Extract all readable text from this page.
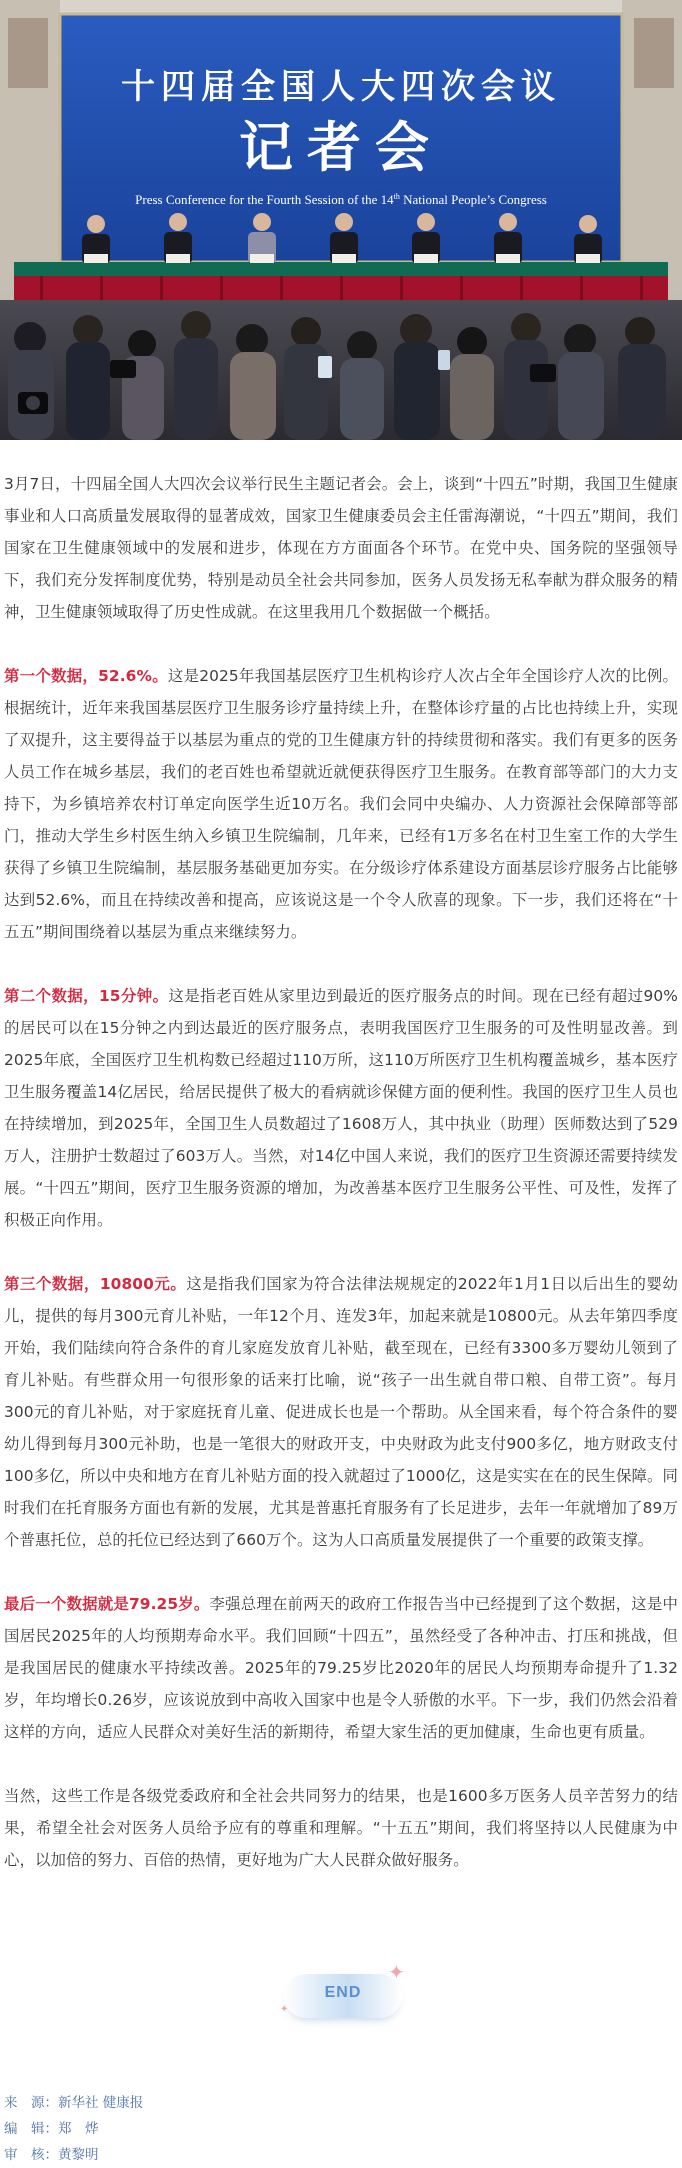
十四届全国人大四次会议
记者会
Press Conference for the Fourth Session of the 14th National People’s Congress

3月7日，十四届全国人大四次会议举行民生主题记者会。会上，谈到“十四五”时期，我国卫生健康事业和人口高质量发展取得的显著成效，国家卫生健康委员会主任雷海潮说，“十四五”期间，我们国家在卫生健康领域中的发展和进步，体现在方方面面各个环节。在党中央、国务院的坚强领导下，我们充分发挥制度优势，特别是动员全社会共同参加，医务人员发扬无私奉献为群众服务的精神，卫生健康领域取得了历史性成就。在这里我用几个数据做一个概括。

第一个数据，52.6%。这是2025年我国基层医疗卫生机构诊疗人次占全年全国诊疗人次的比例。根据统计，近年来我国基层医疗卫生服务诊疗量持续上升，在整体诊疗量的占比也持续上升，实现了双提升，这主要得益于以基层为重点的党的卫生健康方针的持续贯彻和落实。我们有更多的医务人员工作在城乡基层，我们的老百姓也希望就近就便获得医疗卫生服务。在教育部等部门的大力支持下，为乡镇培养农村订单定向医学生近10万名。我们会同中央编办、人力资源社会保障部等部门，推动大学生乡村医生纳入乡镇卫生院编制，几年来，已经有1万多名在村卫生室工作的大学生获得了乡镇卫生院编制，基层服务基础更加夯实。在分级诊疗体系建设方面基层诊疗服务占比能够达到52.6%，而且在持续改善和提高，应该说这是一个令人欣喜的现象。下一步，我们还将在“十五五”期间围绕着以基层为重点来继续努力。

第二个数据，15分钟。这是指老百姓从家里边到最近的医疗服务点的时间。现在已经有超过90%的居民可以在15分钟之内到达最近的医疗服务点，表明我国医疗卫生服务的可及性明显改善。到2025年底，全国医疗卫生机构数已经超过110万所，这110万所医疗卫生机构覆盖城乡，基本医疗卫生服务覆盖14亿居民，给居民提供了极大的看病就诊保健方面的便利性。我国的医疗卫生人员也在持续增加，到2025年，全国卫生人员数超过了1608万人，其中执业（助理）医师数达到了529万人，注册护士数超过了603万人。当然，对14亿中国人来说，我们的医疗卫生资源还需要持续发展。“十四五”期间，医疗卫生服务资源的增加，为改善基本医疗卫生服务公平性、可及性，发挥了积极正向作用。

第三个数据，10800元。这是指我们国家为符合法律法规规定的2022年1月1日以后出生的婴幼儿，提供的每月300元育儿补贴，一年12个月、连发3年，加起来就是10800元。从去年第四季度开始，我们陆续向符合条件的育儿家庭发放育儿补贴，截至现在，已经有3300多万婴幼儿领到了育儿补贴。有些群众用一句很形象的话来打比喻，说“孩子一出生就自带口粮、自带工资”。每月300元的育儿补贴，对于家庭抚育儿童、促进成长也是一个帮助。从全国来看，每个符合条件的婴幼儿得到每月300元补助，也是一笔很大的财政开支，中央财政为此支付900多亿，地方财政支付100多亿，所以中央和地方在育儿补贴方面的投入就超过了1000亿，这是实实在在的民生保障。同时我们在托育服务方面也有新的发展，尤其是普惠托育服务有了长足进步，去年一年就增加了89万个普惠托位，总的托位已经达到了660万个。这为人口高质量发展提供了一个重要的政策支撑。

最后一个数据就是79.25岁。李强总理在前两天的政府工作报告当中已经提到了这个数据，这是中国居民2025年的人均预期寿命水平。我们回顾“十四五”，虽然经受了各种冲击、打压和挑战，但是我国居民的健康水平持续改善。2025年的79.25岁比2020年的居民人均预期寿命提升了1.32岁，年均增长0.26岁，应该说放到中高收入国家中也是令人骄傲的水平。下一步，我们仍然会沿着这样的方向，适应人民群众对美好生活的新期待，希望大家生活的更加健康，生命也更有质量。

当然，这些工作是各级党委政府和全社会共同努力的结果，也是1600多万医务人员辛苦努力的结果，希望全社会对医务人员给予应有的尊重和理解。“十五五”期间，我们将坚持以人民健康为中心，以加倍的努力、百倍的热情，更好地为广大人民群众做好服务。

END
✦
✦
来　源：新华社 健康报
编　辑：郑　烨
审　核：黄黎明
